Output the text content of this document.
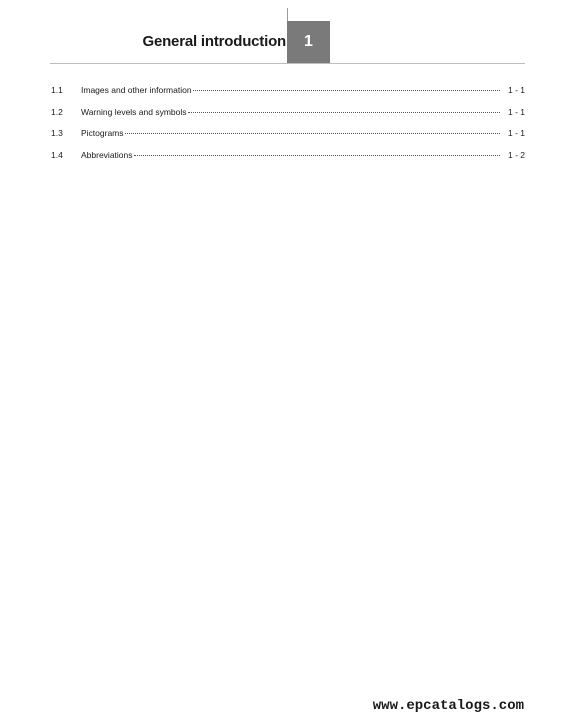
General introduction 1
1.1	Images and other information	1 - 1
1.2	Warning levels and symbols	1 - 1
1.3	Pictograms	1 - 1
1.4	Abbreviations	1 - 2
www.epcatalogs.com
